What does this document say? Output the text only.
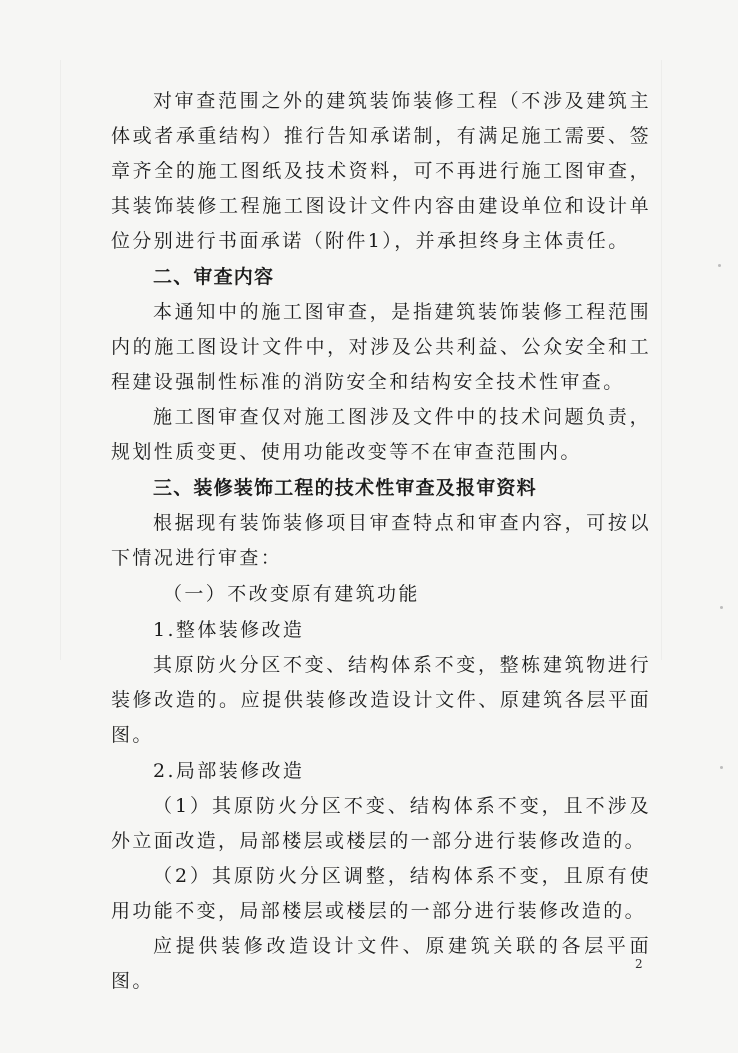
对审查范围之外的建筑装饰装修工程（不涉及建筑主体或者承重结构）推行告知承诺制，有满足施工需要、签章齐全的施工图纸及技术资料，可不再进行施工图审查，其装饰装修工程施工图设计文件内容由建设单位和设计单位分别进行书面承诺（附件1），并承担终身主体责任。

二、审查内容

本通知中的施工图审查，是指建筑装饰装修工程范围内的施工图设计文件中，对涉及公共利益、公众安全和工程建设强制性标准的消防安全和结构安全技术性审查。

施工图审查仅对施工图涉及文件中的技术问题负责，规划性质变更、使用功能改变等不在审查范围内。

三、装修装饰工程的技术性审查及报审资料

根据现有装饰装修项目审查特点和审查内容，可按以下情况进行审查：

（一）不改变原有建筑功能

1.整体装修改造

其原防火分区不变、结构体系不变，整栋建筑物进行装修改造的。应提供装修改造设计文件、原建筑各层平面图。

2.局部装修改造

（1）其原防火分区不变、结构体系不变，且不涉及外立面改造，局部楼层或楼层的一部分进行装修改造的。

（2）其原防火分区调整，结构体系不变，且原有使用功能不变，局部楼层或楼层的一部分进行装修改造的。

应提供装修改造设计文件、原建筑关联的各层平面图。

2
